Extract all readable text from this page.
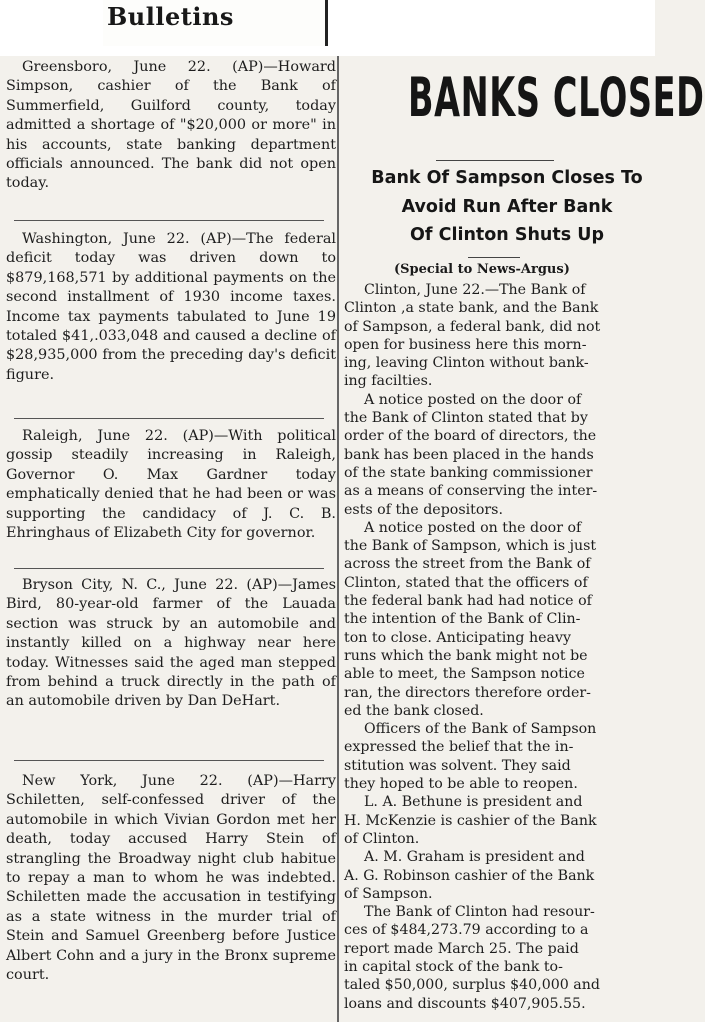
Bulletins

Greensboro, June 22. (AP)—Howard Simpson, cashier of the Bank of Summerfield, Guilford county, today admitted a shortage of "$20,000 or more" in his accounts, state banking department officials announced. The bank did not open today.

Washington, June 22. (AP)—The federal deficit today was driven down to $879,168,571 by additional payments on the second installment of 1930 income taxes. Income tax payments tabulated to June 19 totaled $41,.033,048 and caused a decline of $28,935,000 from the preceding day's deficit figure.

Raleigh, June 22. (AP)—With political gossip steadily increasing in Raleigh, Governor O. Max Gardner today emphatically denied that he had been or was supporting the candidacy of J. C. B. Ehringhaus of Elizabeth City for governor.

Bryson City, N. C., June 22. (AP)—James Bird, 80-year-old farmer of the Lauada section was struck by an automobile and instantly killed on a highway near here today. Witnesses said the aged man stepped from behind a truck directly in the path of an automobile driven by Dan DeHart.

New York, June 22. (AP)—Harry Schiletten, self-confessed driver of the automobile in which Vivian Gordon met her death, today accused Harry Stein of strangling the Broadway night club habitue to repay a man to whom he was indebted. Schiletten made the accusation in testifying as a state witness in the murder trial of Stein and Samuel Greenberg before Justice Albert Cohn and a jury in the Bronx supreme court.

BANKS CLOSED
Bank Of Sampson Closes To
Avoid Run After Bank
Of Clinton Shuts Up
(Special to News-Argus)
Clinton, June 22.—The Bank of
Clinton ,a state bank, and the Bank
of Sampson, a federal bank, did not
open for business here this morn-
ing, leaving Clinton without bank-
ing facilties.
A notice posted on the door of
the Bank of Clinton stated that by
order of the board of directors, the
bank has been placed in the hands
of the state banking commissioner
as a means of conserving the inter-
ests of the depositors.
A notice posted on the door of
the Bank of Sampson, which is just
across the street from the Bank of
Clinton, stated that the officers of
the federal bank had had notice of
the intention of the Bank of Clin-
ton to close. Anticipating heavy
runs which the bank might not be
able to meet, the Sampson notice
ran, the directors therefore order-
ed the bank closed.
Officers of the Bank of Sampson
expressed the belief that the in-
stitution was solvent. They said
they hoped to be able to reopen.
L. A. Bethune is president and
H. McKenzie is cashier of the Bank
of Clinton.
A. M. Graham is president and
A. G. Robinson cashier of the Bank
of Sampson.
The Bank of Clinton had resour-
ces of $484,273.79 according to a
report made March 25. The paid
in capital stock of the bank to-
taled $50,000, surplus $40,000 and
loans and discounts $407,905.55.
